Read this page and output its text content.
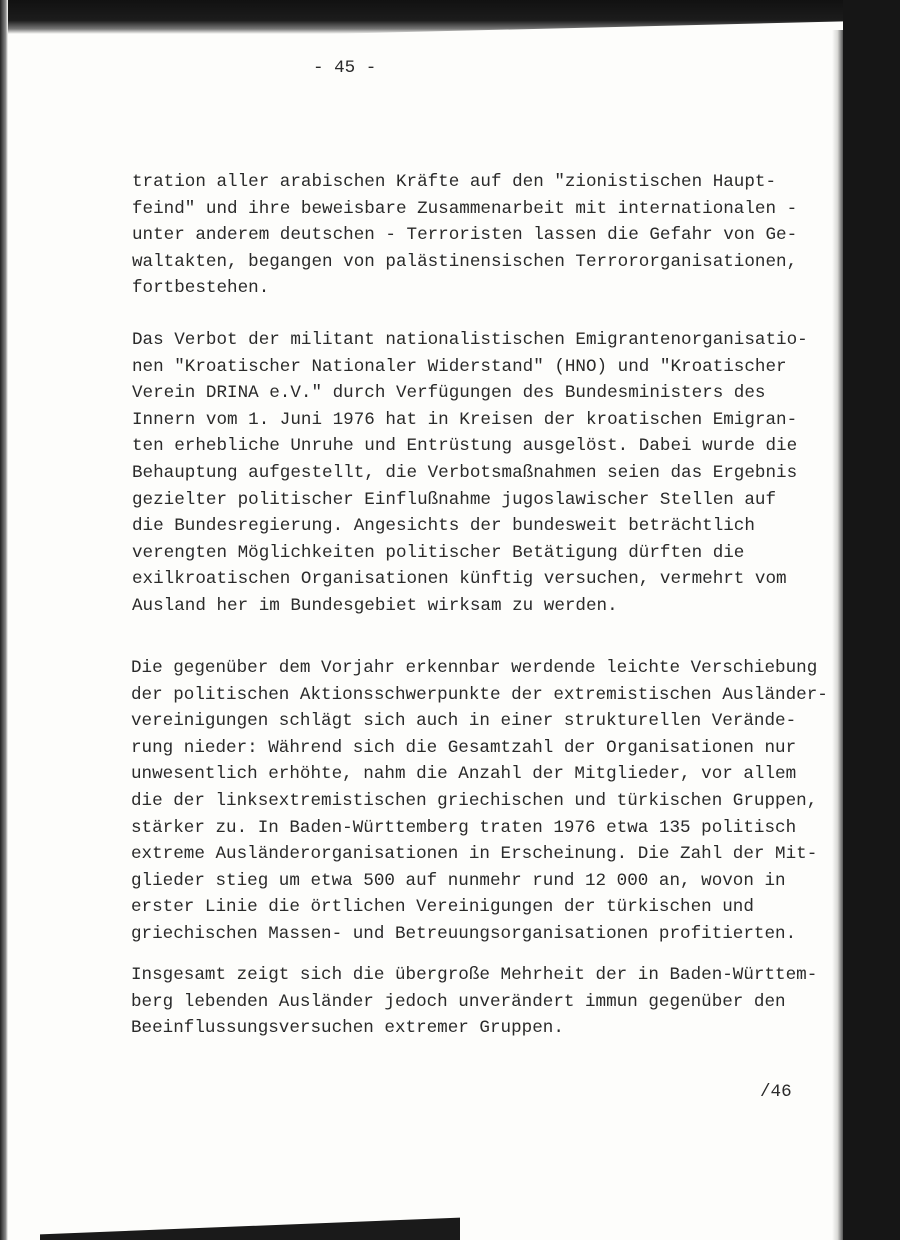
- 45 -
tration aller arabischen Kräfte auf den "zionistischen Haupt-
feind" und ihre beweisbare Zusammenarbeit mit internationalen -
unter anderem deutschen - Terroristen lassen die Gefahr von Ge-
waltakten, begangen von palästinensischen Terrororganisationen,
fortbestehen.
Das Verbot der militant nationalistischen Emigrantenorganisatio-
nen "Kroatischer Nationaler Widerstand" (HNO) und "Kroatischer
Verein DRINA e.V." durch Verfügungen des Bundesministers des
Innern vom 1. Juni 1976 hat in Kreisen der kroatischen Emigran-
ten erhebliche Unruhe und Entrüstung ausgelöst. Dabei wurde die
Behauptung aufgestellt, die Verbotsmaßnahmen seien das Ergebnis
gezielter politischer Einflußnahme jugoslawischer Stellen auf
die Bundesregierung. Angesichts der bundesweit beträchtlich
verengten Möglichkeiten politischer Betätigung dürften die
exilkroatischen Organisationen künftig versuchen, vermehrt vom
Ausland her im Bundesgebiet wirksam zu werden.
Die gegenüber dem Vorjahr erkennbar werdende leichte Verschiebung
der politischen Aktionsschwerpunkte der extremistischen Ausländer-
vereinigungen schlägt sich auch in einer strukturellen Verände-
rung nieder: Während sich die Gesamtzahl der Organisationen nur
unwesentlich erhöhte, nahm die Anzahl der Mitglieder, vor allem
die der linksextremistischen griechischen und türkischen Gruppen,
stärker zu. In Baden-Württemberg traten 1976 etwa 135 politisch
extreme Ausländerorganisationen in Erscheinung. Die Zahl der Mit-
glieder stieg um etwa 500 auf nunmehr rund 12 000 an, wovon in
erster Linie die örtlichen Vereinigungen der türkischen und
griechischen Massen- und Betreuungsorganisationen profitierten.
Insgesamt zeigt sich die übergroße Mehrheit der in Baden-Württem-
berg lebenden Ausländer jedoch unverändert immun gegenüber den
Beeinflussungsversuchen extremer Gruppen.
/46
